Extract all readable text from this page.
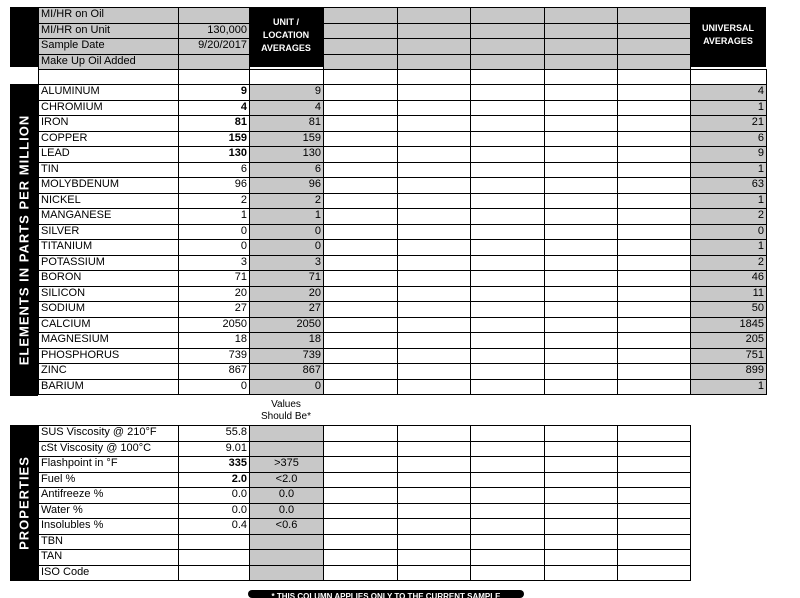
ELEMENTS IN PARTS PER MILLION
PROPERTIES
UNIT /
LOCATION
AVERAGES
UNIVERSAL
AVERAGES
Values
Should Be*
MI/HR on Oil
MI/HR on Unit	130,000
Sample Date	9/20/2017
Make Up Oil Added
ALUMINUM	9	9	4
CHROMIUM	4	4	1
IRON	81	81	21
COPPER	159	159	6
LEAD	130	130	9
TIN	6	6	1
MOLYBDENUM	96	96	63
NICKEL	2	2	1
MANGANESE	1	1	2
SILVER	0	0	0
TITANIUM	0	0	1
POTASSIUM	3	3	2
BORON	71	71	46
SILICON	20	20	11
SODIUM	27	27	50
CALCIUM	2050	2050	1845
MAGNESIUM	18	18	205
PHOSPHORUS	739	739	751
ZINC	867	867	899
BARIUM	0	0	1
SUS Viscosity @ 210°F	55.8
cSt Viscosity @ 100°C	9.01
Flashpoint in °F	335	>375
Fuel %	2.0	<2.0
Antifreeze %	0.0	0.0
Water %	0.0	0.0
Insolubles %	0.4	<0.6
TBN
TAN
ISO Code
* THIS COLUMN APPLIES ONLY TO THE CURRENT SAMPLE
